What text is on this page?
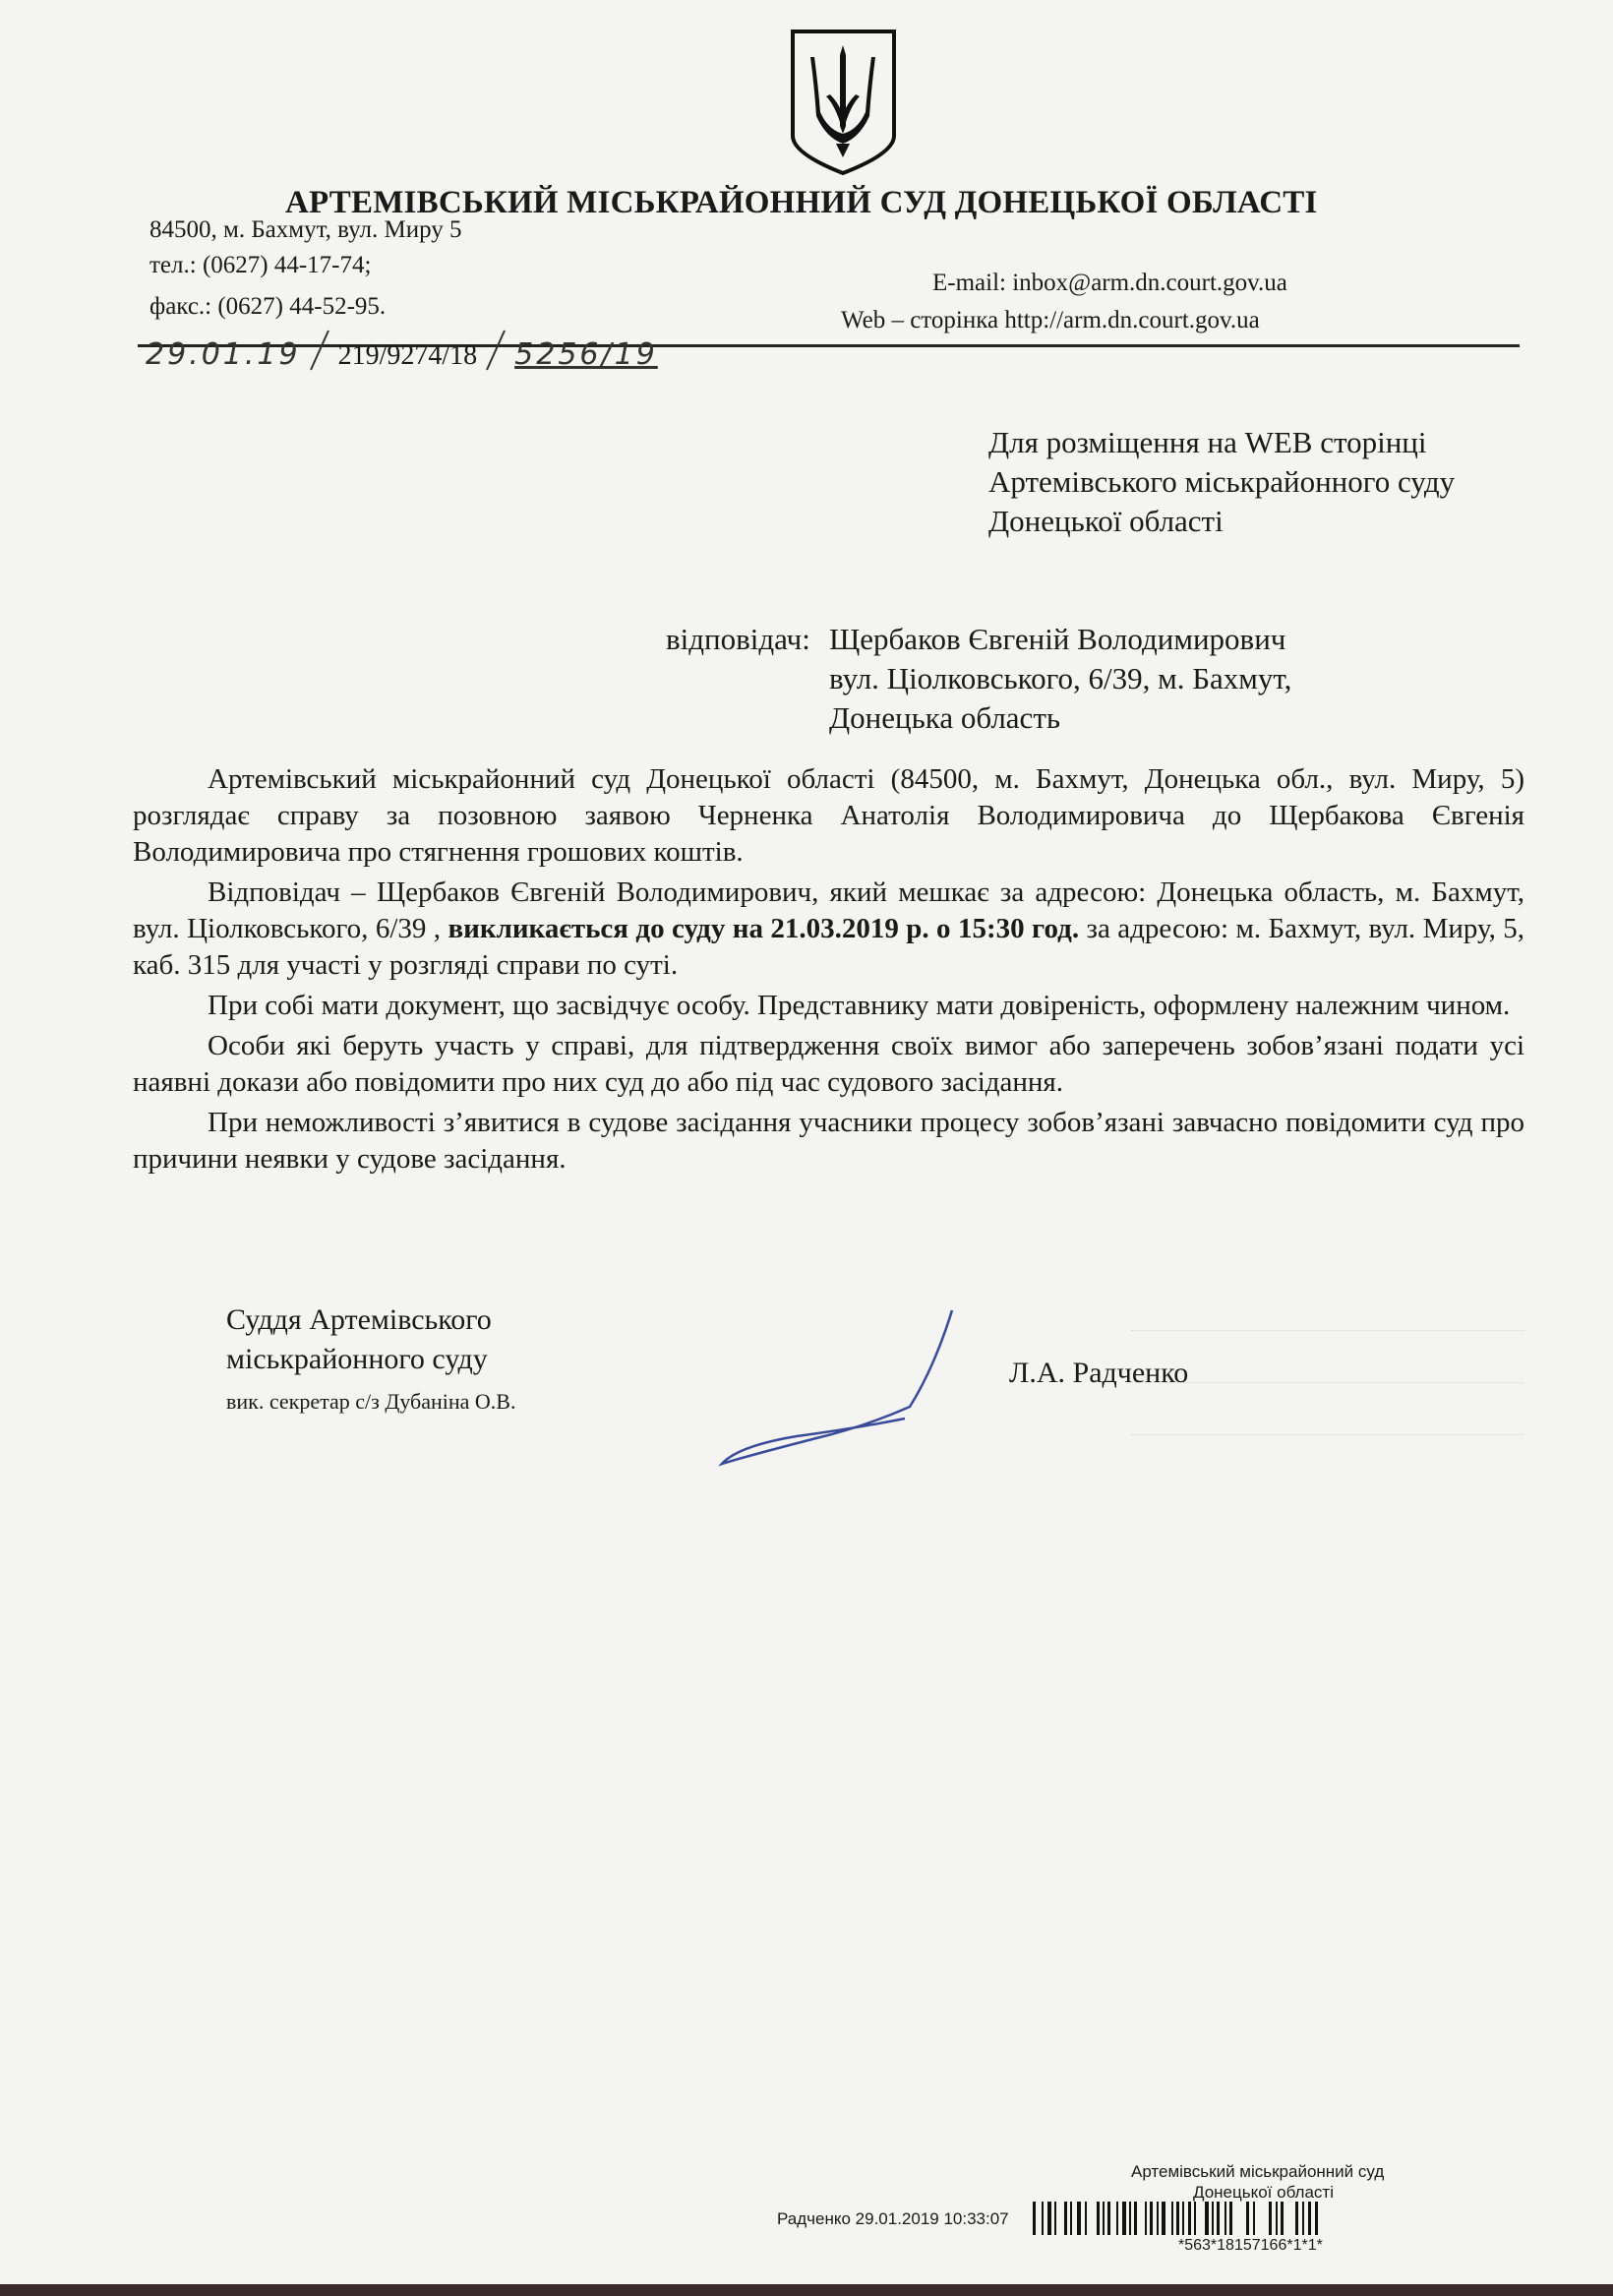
АРТЕМІВСЬКИЙ МІСЬКРАЙОННИЙ СУД ДОНЕЦЬКОЇ ОБЛАСТІ
84500, м. Бахмут, вул. Миру 5
тел.: (0627) 44-17-74;
факс.: (0627) 44-52-95.
E-mail: inbox@arm.dn.court.gov.ua
Web – сторінка http://arm.dn.court.gov.ua
29.01.19 219/9274/18 5256/19
Для розміщення на WEB сторінці
Артемівського міськрайонного суду
Донецької області
відповідач: Щербаков Євгеній Володимирович
вул. Ціолковського, 6/39, м. Бахмут,
Донецька область

Артемівський міськрайонний суд Донецької області (84500, м. Бахмут, Донецька обл., вул. Миру, 5) розглядає справу за позовною заявою Черненка Анатолія Володимировича до Щербакова Євгенія Володимировича про стягнення грошових коштів.

Відповідач – Щербаков Євгеній Володимирович, який мешкає за адресою: Донецька область, м. Бахмут, вул. Ціолковського, 6/39 , викликається до суду на 21.03.2019 р. о 15:30 год. за адресою: м. Бахмут, вул. Миру, 5, каб. 315 для участі у розгляді справи по суті.

При собі мати документ, що засвідчує особу. Представнику мати довіреність, оформлену належним чином.

Особи які беруть участь у справі, для підтвердження своїх вимог або заперечень зобов’язані подати усі наявні докази або повідомити про них суд до або під час судового засідання.

При неможливості з’явитися в судове засідання учасники процесу зобов’язані завчасно повідомити суд про причини неявки у судове засідання.

Суддя Артемівського
міськрайонного суду
вик. секретар с/з Дубаніна О.В.
Л.А. Радченко
Артемівський міськрайонний суд
Донецької області
Радченко 29.01.2019 10:33:07
*563*18157166*1*1*
